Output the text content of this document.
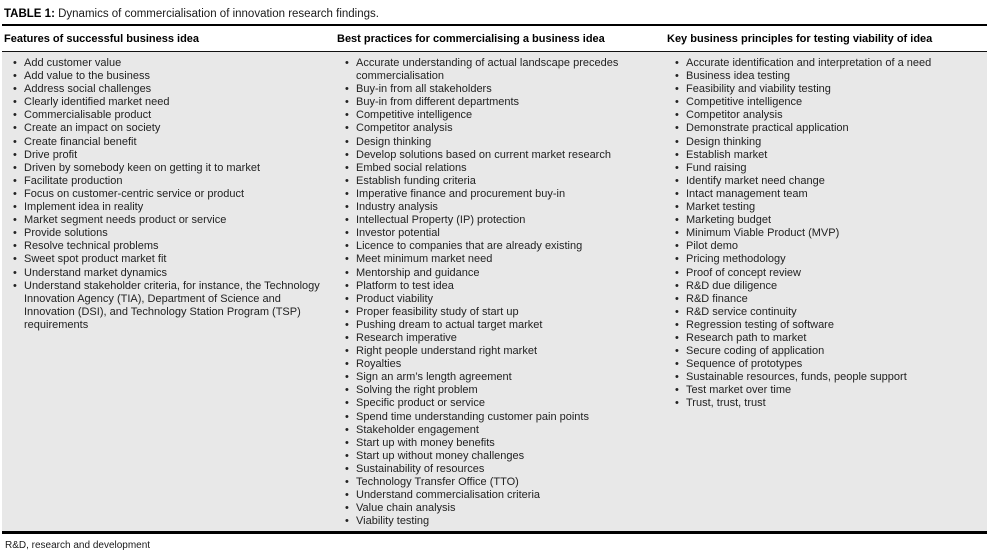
TABLE 1: Dynamics of commercialisation of innovation research findings.
Features of successful business idea	Best practices for commercialising a business idea	Key business principles for testing viability of idea
• Add customer value
• Add value to the business
• Address social challenges
• Clearly identified market need
• Commercialisable product
• Create an impact on society
• Create financial benefit
• Drive profit
• Driven by somebody keen on getting it to market
• Facilitate production
• Focus on customer-centric service or product
• Implement idea in reality
• Market segment needs product or service
• Provide solutions
• Resolve technical problems
• Sweet spot product market fit
• Understand market dynamics
• Understand stakeholder criteria, for instance, the Technology Innovation Agency (TIA), Department of Science and Innovation (DSI), and Technology Station Program (TSP) requirements
• Accurate understanding of actual landscape precedes commercialisation
• Buy-in from all stakeholders
• Buy-in from different departments
• Competitive intelligence
• Competitor analysis
• Design thinking
• Develop solutions based on current market research
• Embed social relations
• Establish funding criteria
• Imperative finance and procurement buy-in
• Industry analysis
• Intellectual Property (IP) protection
• Investor potential
• Licence to companies that are already existing
• Meet minimum market need
• Mentorship and guidance
• Platform to test idea
• Product viability
• Proper feasibility study of start up
• Pushing dream to actual target market
• Research imperative
• Right people understand right market
• Royalties
• Sign an arm’s length agreement
• Solving the right problem
• Specific product or service
• Spend time understanding customer pain points
• Stakeholder engagement
• Start up with money benefits
• Start up without money challenges
• Sustainability of resources
• Technology Transfer Office (TTO)
• Understand commercialisation criteria
• Value chain analysis
• Viability testing
• Accurate identification and interpretation of a need
• Business idea testing
• Feasibility and viability testing
• Competitive intelligence
• Competitor analysis
• Demonstrate practical application
• Design thinking
• Establish market
• Fund raising
• Identify market need change
• Intact management team
• Market testing
• Marketing budget
• Minimum Viable Product (MVP)
• Pilot demo
• Pricing methodology
• Proof of concept review
• R&D due diligence
• R&D finance
• R&D service continuity
• Regression testing of software
• Research path to market
• Secure coding of application
• Sequence of prototypes
• Sustainable resources, funds, people support
• Test market over time
• Trust, trust, trust
R&D, research and development
